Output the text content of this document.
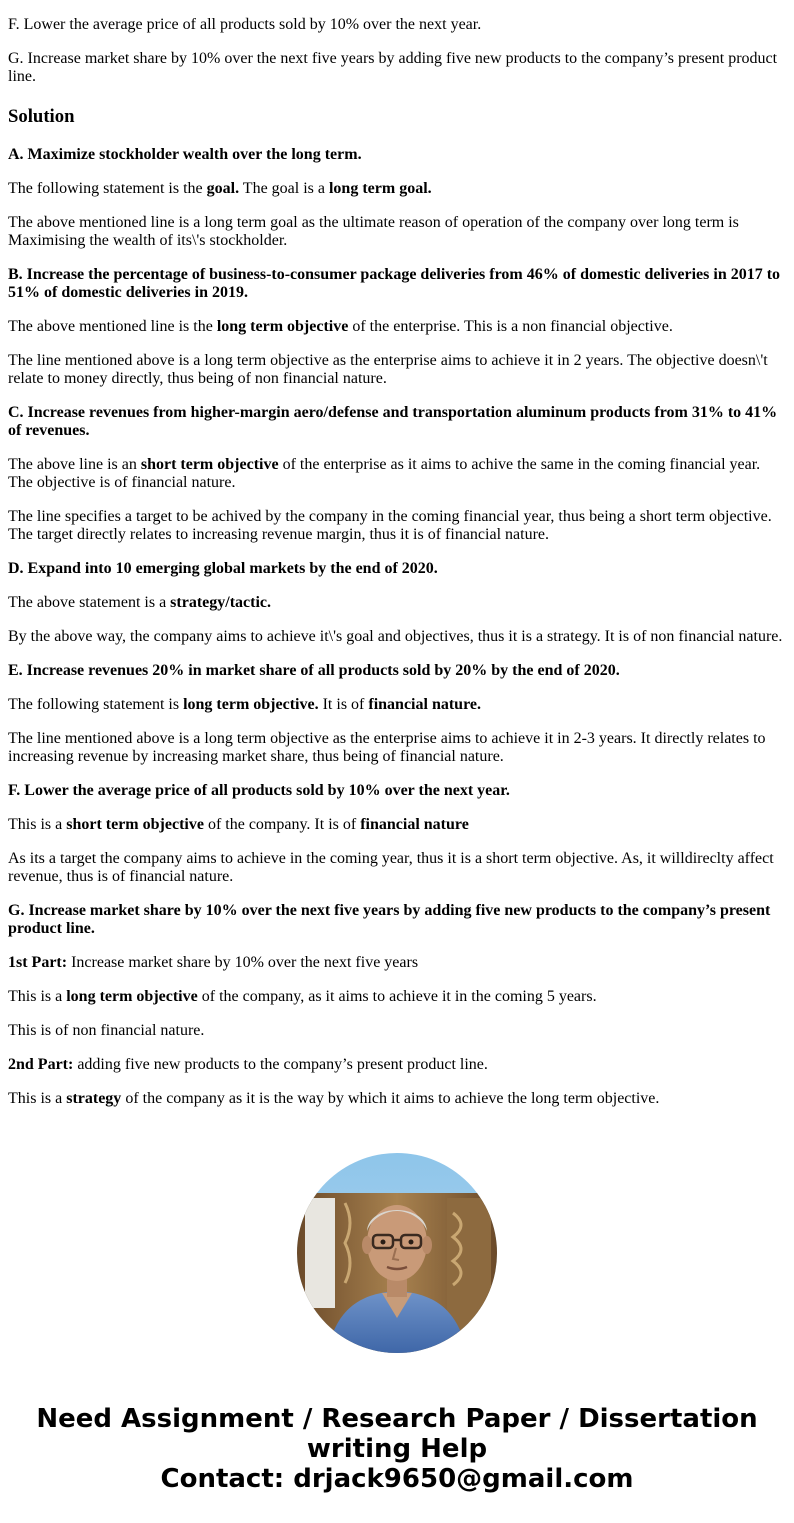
F. Lower the average price of all products sold by 10% over the next year.

G. Increase market share by 10% over the next five years by adding five new products to the company’s present product line.

Solution

A. Maximize stockholder wealth over the long term.

The following statement is the goal. The goal is a long term goal.

The above mentioned line is a long term goal as the ultimate reason of operation of the company over long term is Maximising the wealth of its\'s stockholder.

B. Increase the percentage of business-to-consumer package deliveries from 46% of domestic deliveries in 2017 to 51% of domestic deliveries in 2019.

The above mentioned line is the long term objective of the enterprise. This is a non financial objective.

The line mentioned above is a long term objective as the enterprise aims to achieve it in 2 years. The objective doesn\'t relate to money directly, thus being of non financial nature.

C. Increase revenues from higher-margin aero/defense and transportation aluminum products from 31% to 41% of revenues.

The above line is an short term objective of the enterprise as it aims to achive the same in the coming financial year. The objective is of financial nature.

The line specifies a target to be achived by the company in the coming financial year, thus being a short term objective. The target directly relates to increasing revenue margin, thus it is of financial nature.

D. Expand into 10 emerging global markets by the end of 2020.

The above statement is a strategy/tactic.

By the above way, the company aims to achieve it\'s goal and objectives, thus it is a strategy. It is of non financial nature.

E. Increase revenues 20% in market share of all products sold by 20% by the end of 2020.

The following statement is long term objective. It is of financial nature.

The line mentioned above is a long term objective as the enterprise aims to achieve it in 2-3 years. It directly relates to increasing revenue by increasing market share, thus being of financial nature.

F. Lower the average price of all products sold by 10% over the next year.

This is a short term objective of the company. It is of financial nature

As its a target the company aims to achieve in the coming year, thus it is a short term objective. As, it willdireclty affect revenue, thus is of financial nature.

G. Increase market share by 10% over the next five years by adding five new products to the company’s present product line.

1st Part: Increase market share by 10% over the next five years

This is a long term objective of the company, as it aims to achieve it in the coming 5 years.

This is of non financial nature.

2nd Part: adding five new products to the company’s present product line.

This is a strategy of the company as it is the way by which it aims to achieve the long term objective.

Need Assignment / Research Paper / Dissertation
writing Help
Contact: drjack9650@gmail.com
